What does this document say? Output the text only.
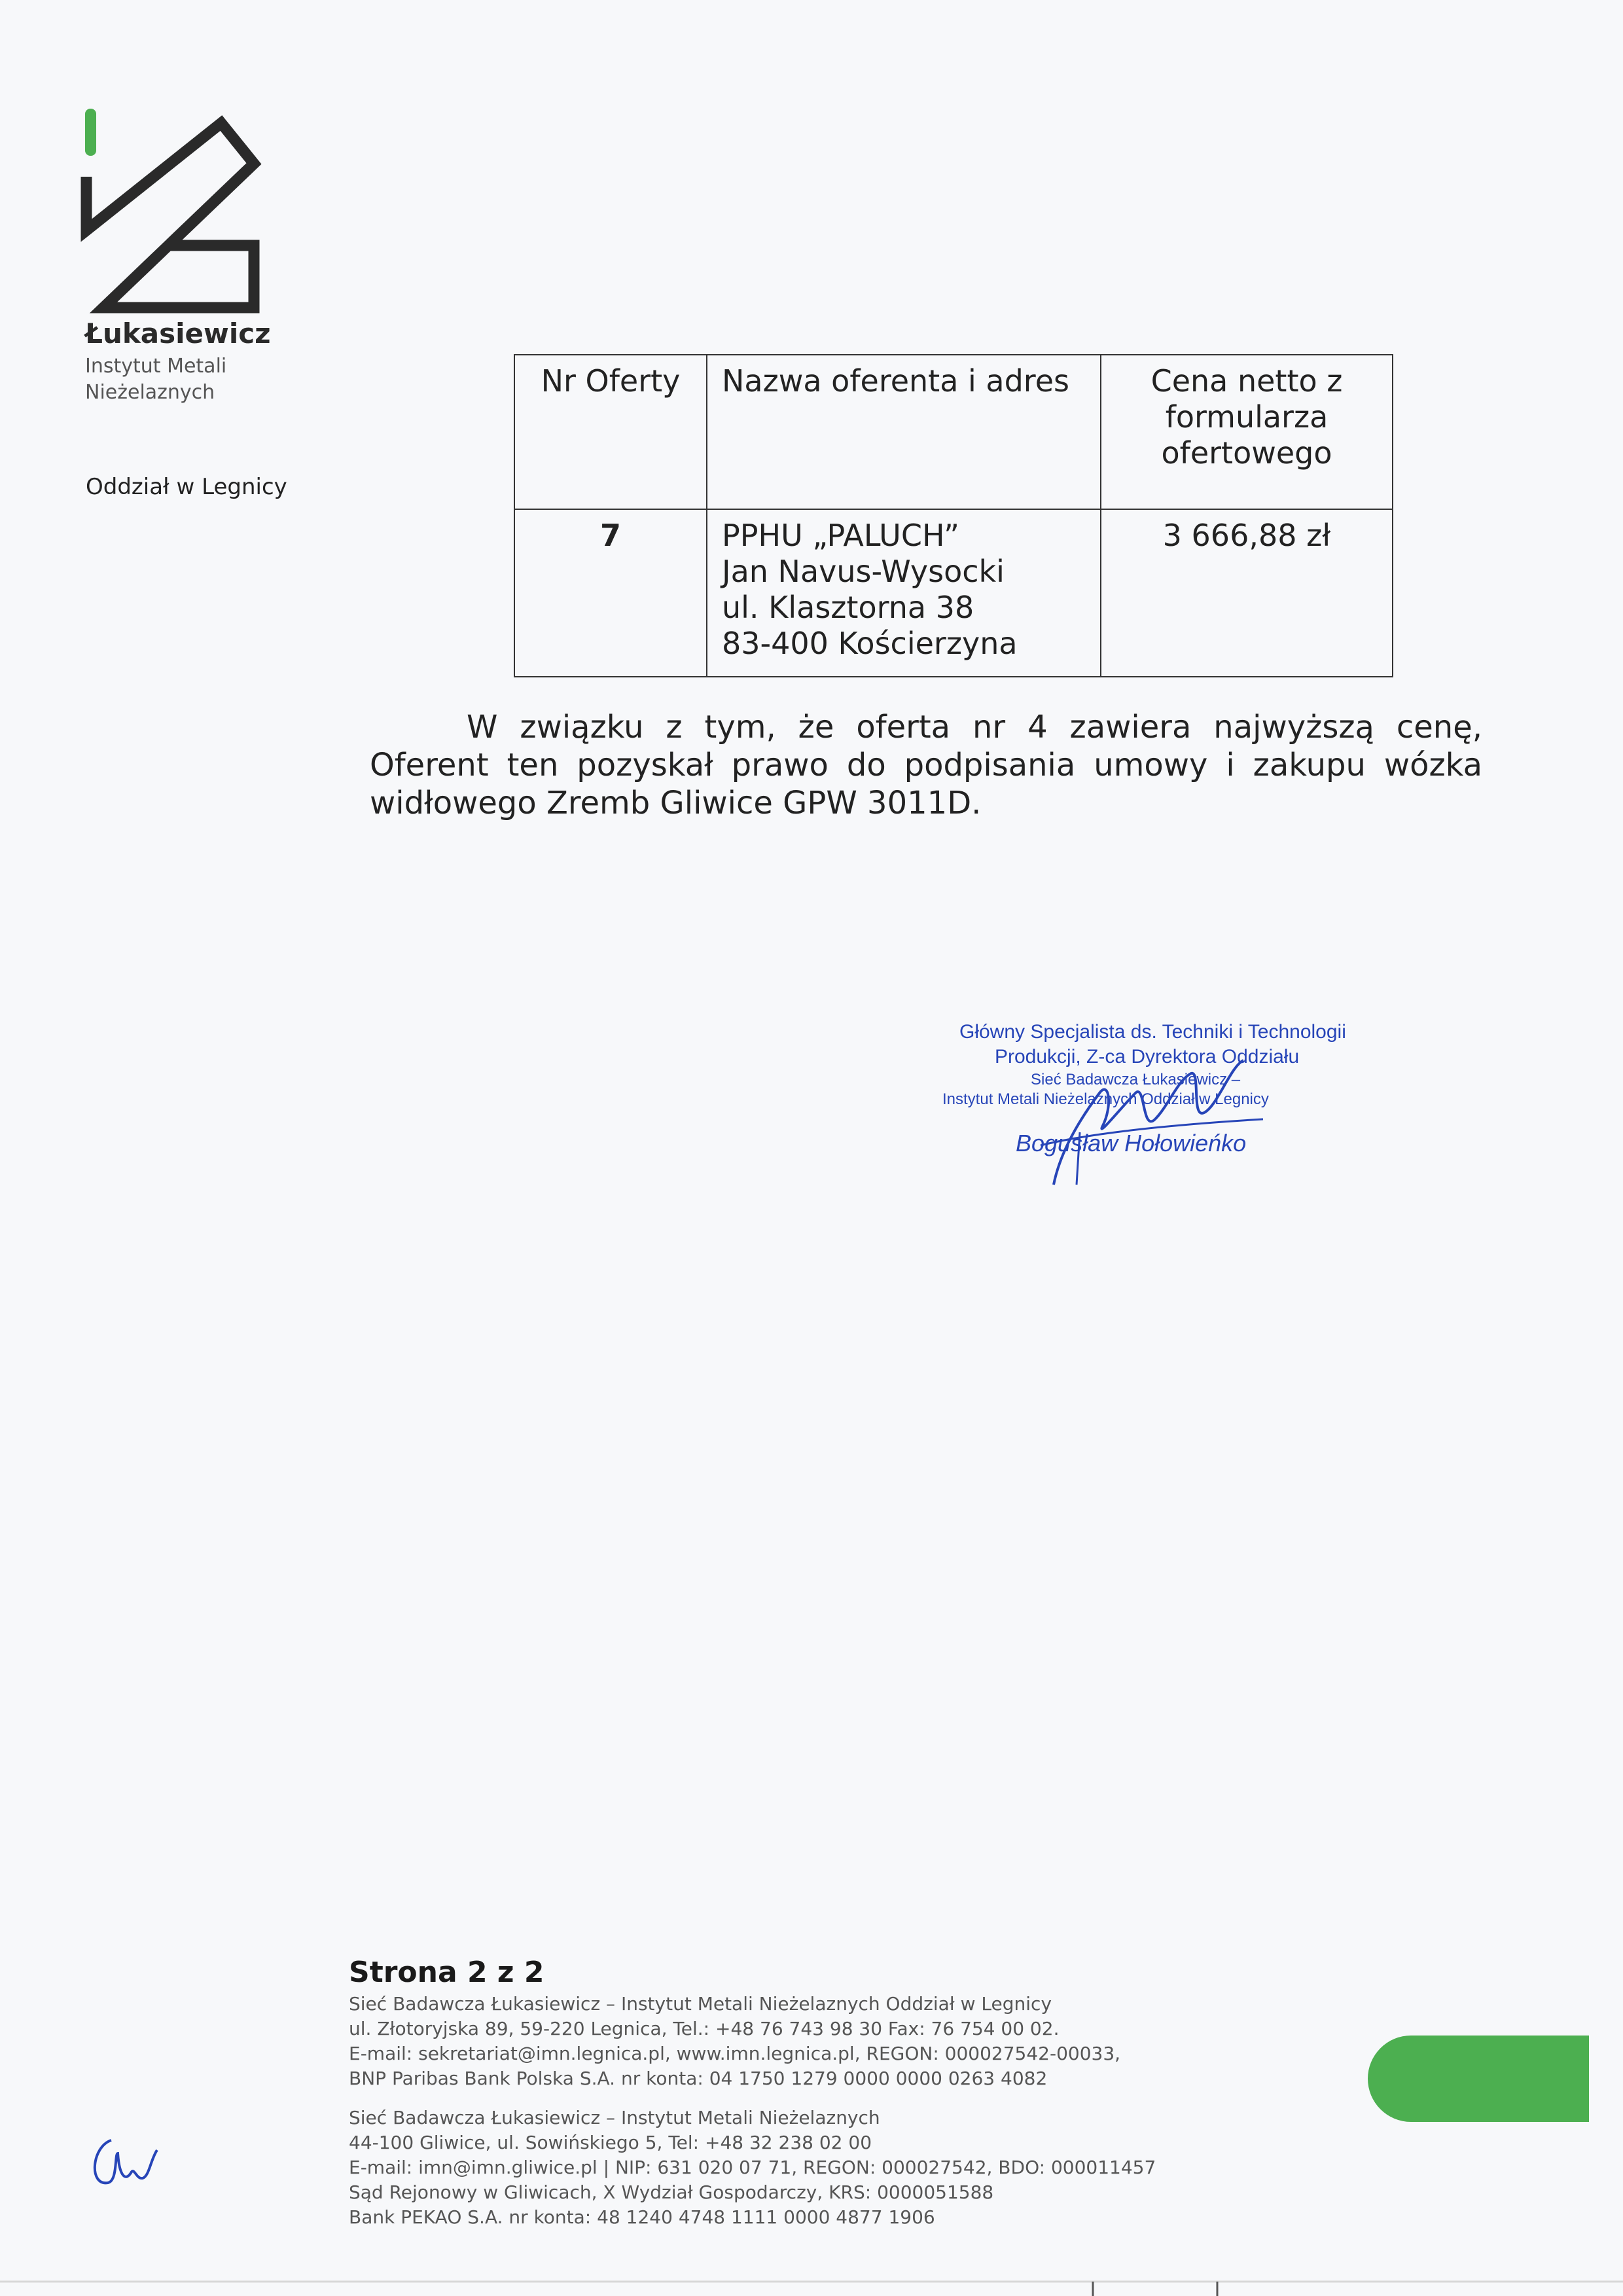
Łukasiewicz
Instytut Metali
Nieżelaznych
Oddział w Legnicy
Nr Oferty	Nazwa oferenta i adres	Cena netto z formularza ofertowego
7	PPHU „PALUCH”
Jan Navus-Wysocki
ul. Klasztorna 38
83-400 Kościerzyna	3 666,88 zł
W związku z tym, że oferta nr 4 zawiera najwyższą cenę, Oferent ten pozyskał prawo do podpisania umowy i zakupu wózka widłowego Zremb Gliwice GPW 3011D.
Główny Specjalista ds. Techniki i Technologii
Produkcji, Z-ca Dyrektora Oddziału
Sieć Badawcza Łukasiewicz –
Instytut Metali Nieżelaznych Oddział w Legnicy
Bogusław Hołowieńko
Strona 2 z 2
Sieć Badawcza Łukasiewicz – Instytut Metali Nieżelaznych Oddział w Legnicy
ul. Złotoryjska 89, 59-220 Legnica, Tel.: +48 76 743 98 30 Fax: 76 754 00 02.
E-mail: sekretariat@imn.legnica.pl, www.imn.legnica.pl, REGON: 000027542-00033,
BNP Paribas Bank Polska S.A. nr konta: 04 1750 1279 0000 0000 0263 4082
Sieć Badawcza Łukasiewicz – Instytut Metali Nieżelaznych
44-100 Gliwice, ul. Sowińskiego 5, Tel: +48 32 238 02 00
E-mail: imn@imn.gliwice.pl | NIP: 631 020 07 71, REGON: 000027542, BDO: 000011457
Sąd Rejonowy w Gliwicach, X Wydział Gospodarczy, KRS: 0000051588
Bank PEKAO S.A. nr konta: 48 1240 4748 1111 0000 4877 1906
